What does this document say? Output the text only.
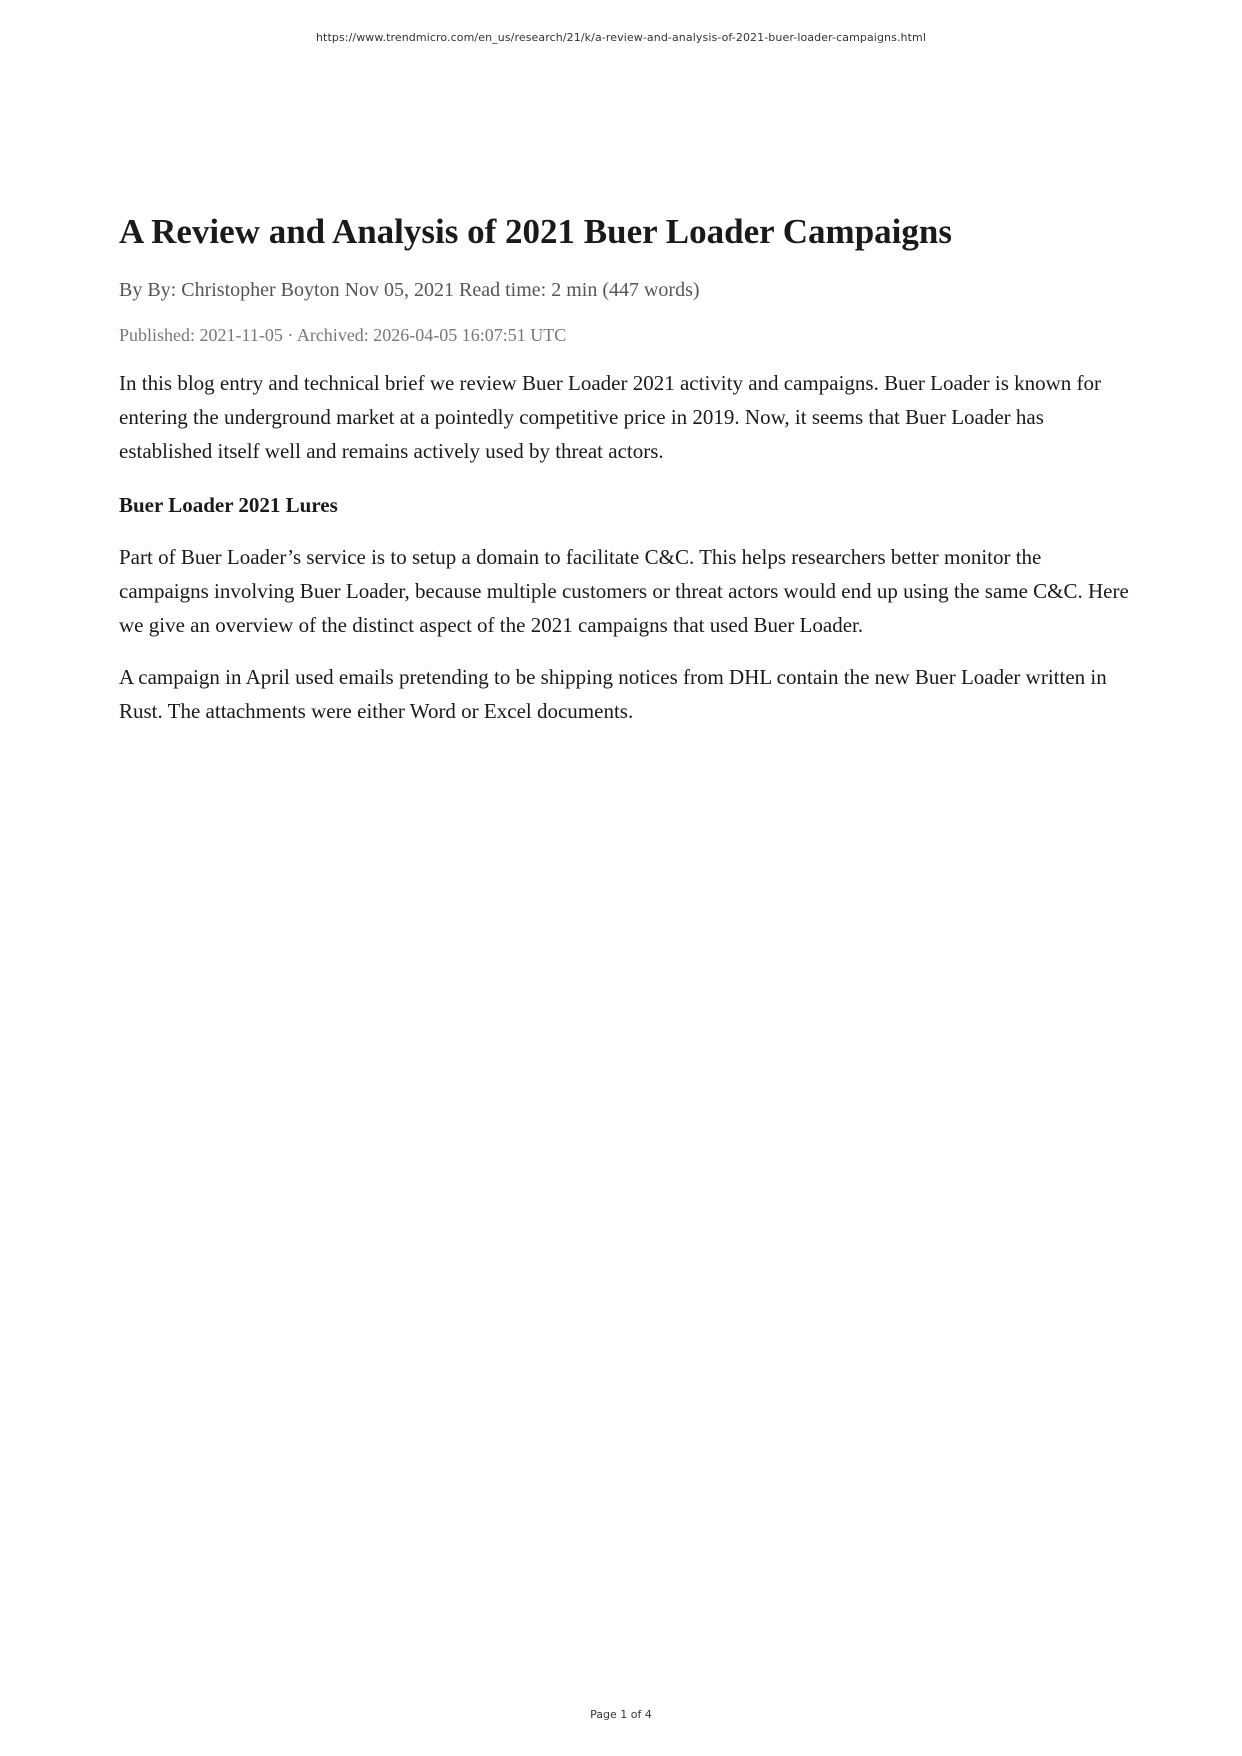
https://www.trendmicro.com/en_us/research/21/k/a-review-and-analysis-of-2021-buer-loader-campaigns.html
A Review and Analysis of 2021 Buer Loader Campaigns

By By: Christopher Boyton Nov 05, 2021 Read time: 2 min (447 words)

Published: 2021-11-05 · Archived: 2026-04-05 16:07:51 UTC

In this blog entry and technical brief we review Buer Loader 2021 activity and campaigns. Buer Loader is known for entering the underground market at a pointedly competitive price in 2019. Now, it seems that Buer Loader has established itself well and remains actively used by threat actors.

Buer Loader 2021 Lures

Part of Buer Loader’s service is to setup a domain to facilitate C&C. This helps researchers better monitor the campaigns involving Buer Loader, because multiple customers or threat actors would end up using the same C&C. Here we give an overview of the distinct aspect of the 2021 campaigns that used Buer Loader.

A campaign in April used emails pretending to be shipping notices from DHL contain the new Buer Loader written in Rust. The attachments were either Word or Excel documents.

Page 1 of 4
